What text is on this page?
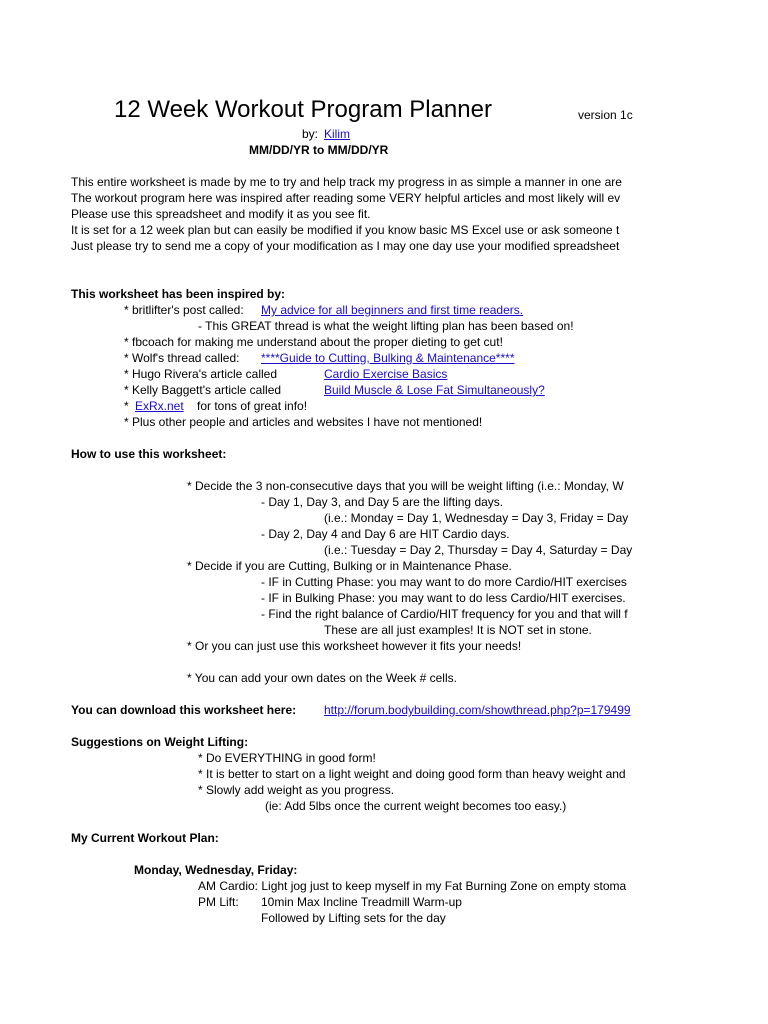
12 Week Workout Program Planner	version 1c
by: Kilim
MM/DD/YR to MM/DD/YR
This entire worksheet is made by me to try and help track my progress in as simple a manner in one are
The workout program here was inspired after reading some VERY helpful articles and most likely will ev
Please use this spreadsheet and modify it as you see fit.
It is set for a 12 week plan but can easily be modified if you know basic MS Excel use or ask someone t
Just please try to send me a copy of your modification as I may one day use your modified spreadsheet
This worksheet has been inspired by:
* britlifter's post called: My advice for all beginners and first time readers.
- This GREAT thread is what the weight lifting plan has been based on!
* fbcoach for making me understand about the proper dieting to get cut!
* Wolf's thread called: ****Guide to Cutting, Bulking & Maintenance****
* Hugo Rivera's article called	Cardio Exercise Basics
* Kelly Baggett's article called	Build Muscle & Lose Fat Simultaneously?
* ExRx.net for tons of great info!
* Plus other people and articles and websites I have not mentioned!
How to use this worksheet:
* Decide the 3 non-consecutive days that you will be weight lifting (i.e.: Monday, W
- Day 1, Day 3, and Day 5 are the lifting days.
(i.e.: Monday = Day 1, Wednesday = Day 3, Friday = Day
- Day 2, Day 4 and Day 6 are HIT Cardio days.
(i.e.: Tuesday = Day 2, Thursday = Day 4, Saturday = Day
* Decide if you are Cutting, Bulking or in Maintenance Phase.
- IF in Cutting Phase: you may want to do more Cardio/HIT exercises
- IF in Bulking Phase: you may want to do less Cardio/HIT exercises.
- Find the right balance of Cardio/HIT frequency for you and that will f
These are all just examples! It is NOT set in stone.
* Or you can just use this worksheet however it fits your needs!
* You can add your own dates on the Week # cells.
You can download this worksheet here: http://forum.bodybuilding.com/showthread.php?p=179499
Suggestions on Weight Lifting:
* Do EVERYTHING in good form!
* It is better to start on a light weight and doing good form than heavy weight and
* Slowly add weight as you progress.
(ie: Add 5lbs once the current weight becomes too easy.)
My Current Workout Plan:
Monday, Wednesday, Friday:
AM Cardio: Light jog just to keep myself in my Fat Burning Zone on empty stoma
PM Lift: 10min Max Incline Treadmill Warm-up
Followed by Lifting sets for the day
